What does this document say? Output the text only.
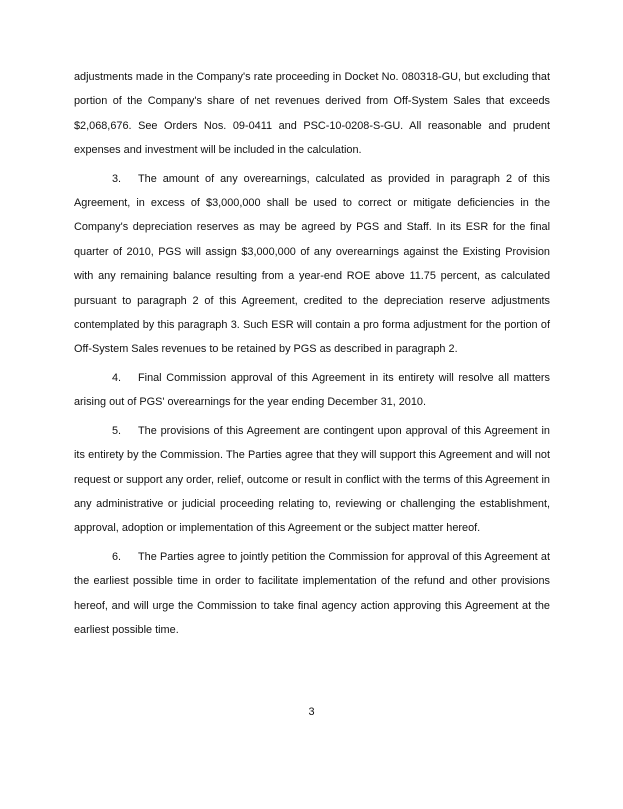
adjustments made in the Company's rate proceeding in Docket No. 080318-GU, but excluding that portion of the Company's share of net revenues derived from Off-System Sales that exceeds $2,068,676. See Orders Nos. 09-0411 and PSC-10-0208-S-GU. All reasonable and prudent expenses and investment will be included in the calculation.

3. The amount of any overearnings, calculated as provided in paragraph 2 of this Agreement, in excess of $3,000,000 shall be used to correct or mitigate deficiencies in the Company's depreciation reserves as may be agreed by PGS and Staff. In its ESR for the final quarter of 2010, PGS will assign $3,000,000 of any overearnings against the Existing Provision with any remaining balance resulting from a year-end ROE above 11.75 percent, as calculated pursuant to paragraph 2 of this Agreement, credited to the depreciation reserve adjustments contemplated by this paragraph 3. Such ESR will contain a pro forma adjustment for the portion of Off-System Sales revenues to be retained by PGS as described in paragraph 2.

4. Final Commission approval of this Agreement in its entirety will resolve all matters arising out of PGS' overearnings for the year ending December 31, 2010.

5. The provisions of this Agreement are contingent upon approval of this Agreement in its entirety by the Commission. The Parties agree that they will support this Agreement and will not request or support any order, relief, outcome or result in conflict with the terms of this Agreement in any administrative or judicial proceeding relating to, reviewing or challenging the establishment, approval, adoption or implementation of this Agreement or the subject matter hereof.

6. The Parties agree to jointly petition the Commission for approval of this Agreement at the earliest possible time in order to facilitate implementation of the refund and other provisions hereof, and will urge the Commission to take final agency action approving this Agreement at the earliest possible time.

3
